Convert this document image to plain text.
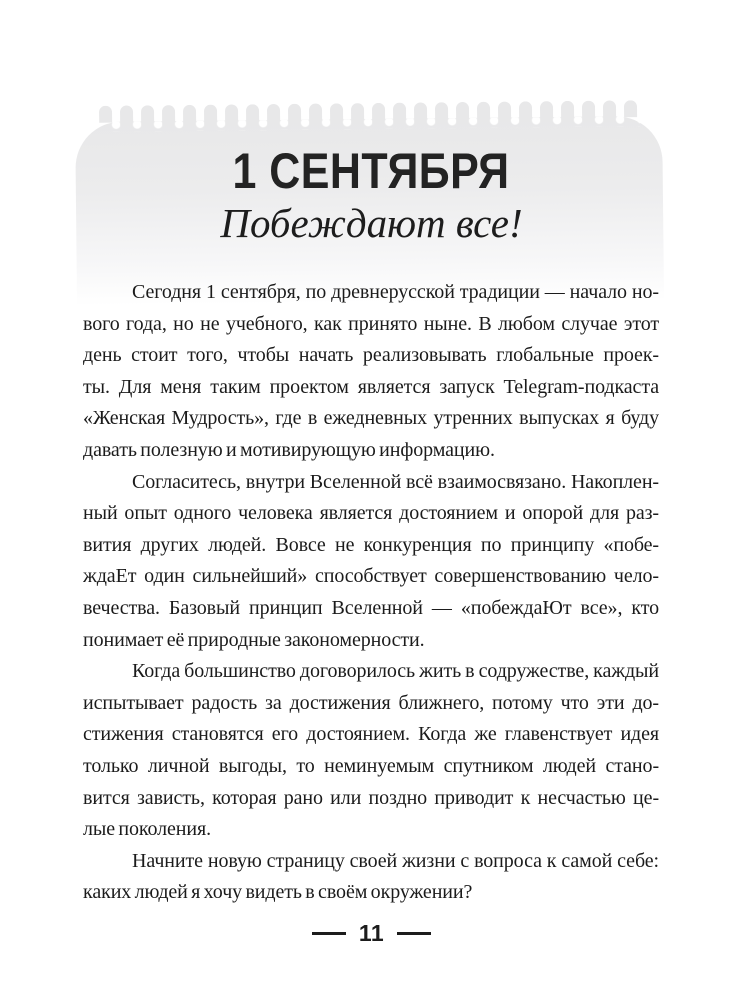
1 СЕНТЯБРЯ
Побеждают все!
Сегодня 1 сентября, по древнерусской традиции — начало но-
вого года, но не учебного, как принято ныне. В любом случае этот
день стоит того, чтобы начать реализовывать глобальные проек-
ты. Для меня таким проектом является запуск Telegram-подкаста
«Женская Мудрость», где в ежедневных утренних выпусках я буду
давать полезную и мотивирующую информацию.
Согласитесь, внутри Вселенной всё взаимосвязано. Накоплен-
ный опыт одного человека является достоянием и опорой для раз-
вития других людей. Вовсе не конкуренция по принципу «побе-
ждаЕт один сильнейший» способствует совершенствованию чело-
вечества. Базовый принцип Вселенной — «побеждаЮт все», кто
понимает её природные закономерности.
Когда большинство договорилось жить в содружестве, каждый
испытывает радость за достижения ближнего, потому что эти до-
стижения становятся его достоянием. Когда же главенствует идея
только личной выгоды, то неминуемым спутником людей стано-
вится зависть, которая рано или поздно приводит к несчастью це-
лые поколения.
Начните новую страницу своей жизни с вопроса к самой себе:
каких людей я хочу видеть в своём окружении?
11
